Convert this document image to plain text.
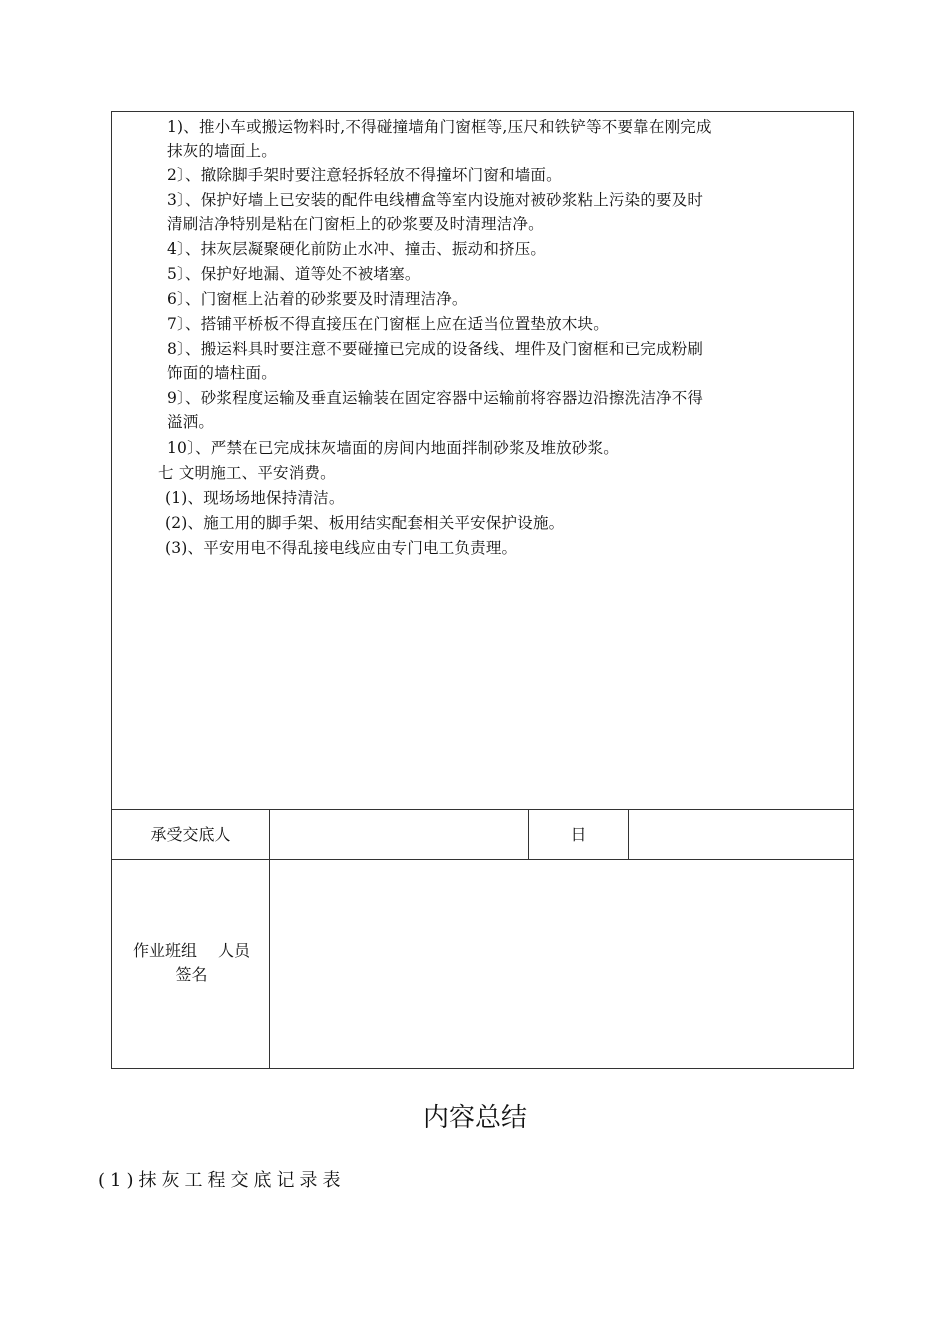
1)、推小车或搬运物料时,不得碰撞墙角门窗框等,压尺和铁铲等不要靠在刚完成
抹灰的墙面上。
2〕、撤除脚手架时要注意轻拆轻放不得撞坏门窗和墙面。
3〕、保护好墙上已安装的配件电线槽盒等室内设施对被砂浆粘上污染的要及时
清刷洁净特别是粘在门窗柜上的砂浆要及时清理洁净。
4〕、抹灰层凝聚硬化前防止水冲、撞击、振动和挤压。
5〕、保护好地漏、道等处不被堵塞。
6〕、门窗框上沾着的砂浆要及时清理洁净。
7〕、搭铺平桥板不得直接压在门窗框上应在适当位置垫放木块。
8〕、搬运料具时要注意不要碰撞已完成的设备线、埋件及门窗框和已完成粉刷
饰面的墙柱面。
9〕、砂浆程度运输及垂直运输装在固定容器中运输前将容器边沿擦洗洁净不得
溢洒。
10〕、严禁在已完成抹灰墙面的房间内地面拌制砂浆及堆放砂浆。
七 文明施工、平安消费。
(1)、现场场地保持清洁。
(2)、施工用的脚手架、板用结实配套相关平安保护设施。
(3)、平安用电不得乱接电线应由专门电工负责理。
承受交底人	日
作业班组　 人员
签名
内容总结
(1)抹灰工程交底记录表
